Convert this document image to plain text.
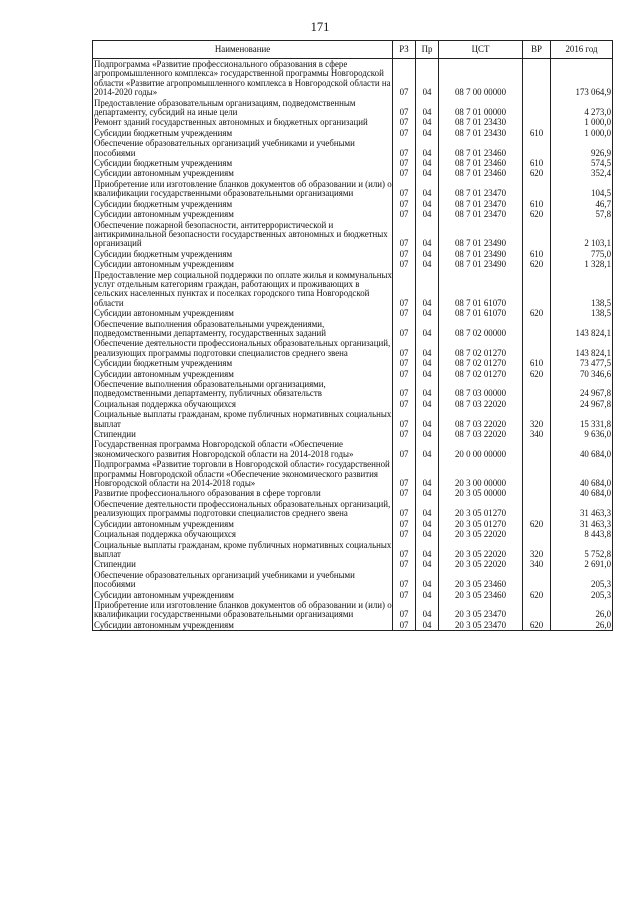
171
Наименование	РЗ	Пр	ЦСТ	ВР	2016 год
Подпрограмма «Развитие профессионального образования в сфере агропромышленного комплекса» государственной программы Новгородской области «Развитие агропромышленного комплекса в Новгородской области на 2014-2020 годы»	07	04	08 7 00 00000		173 064,9
Предоставление образовательным организациям, подведомственным департаменту, субсидий на иные цели	07	04	08 7 01 00000		4 273,0
Ремонт зданий государственных автономных и бюджетных организаций	07	04	08 7 01 23430		1 000,0
Субсидии бюджетным учреждениям	07	04	08 7 01 23430	610	1 000,0
Обеспечение образовательных организаций учебниками и учебными пособиями	07	04	08 7 01 23460		926,9
Субсидии бюджетным учреждениям	07	04	08 7 01 23460	610	574,5
Субсидии автономным учреждениям	07	04	08 7 01 23460	620	352,4
Приобретение или изготовление бланков документов об образовании и (или) о квалификации государственными образовательными организациями	07	04	08 7 01 23470		104,5
Субсидии бюджетным учреждениям	07	04	08 7 01 23470	610	46,7
Субсидии автономным учреждениям	07	04	08 7 01 23470	620	57,8
Обеспечение пожарной безопасности, антитеррористической и антикриминальной безопасности государственных автономных и бюджетных организаций	07	04	08 7 01 23490		2 103,1
Субсидии бюджетным учреждениям	07	04	08 7 01 23490	610	775,0
Субсидии автономным учреждениям	07	04	08 7 01 23490	620	1 328,1
Предоставление мер социальной поддержки по оплате жилья и коммунальных услуг отдельным категориям граждан, работающих и проживающих в сельских населенных пунктах и поселках городского типа Новгородской области	07	04	08 7 01 61070		138,5
Субсидии автономным учреждениям	07	04	08 7 01 61070	620	138,5
Обеспечение выполнения образовательными учреждениями, подведомственными департаменту, государственных заданий	07	04	08 7 02 00000		143 824,1
Обеспечение деятельности профессиональных образовательных организаций, реализующих программы подготовки специалистов среднего звена	07	04	08 7 02 01270		143 824,1
Субсидии бюджетным учреждениям	07	04	08 7 02 01270	610	73 477,5
Субсидии автономным учреждениям	07	04	08 7 02 01270	620	70 346,6
Обеспечение выполнения образовательными организациями, подведомственными департаменту, публичных обязательств	07	04	08 7 03 00000		24 967,8
Социальная поддержка обучающихся	07	04	08 7 03 22020		24 967,8
Социальные выплаты гражданам, кроме публичных нормативных социальных выплат	07	04	08 7 03 22020	320	15 331,8
Стипендии	07	04	08 7 03 22020	340	9 636,0
Государственная программа Новгородской области «Обеспечение экономического развития Новгородской области на 2014-2018 годы»	07	04	20 0 00 00000		40 684,0
Подпрограмма «Развитие торговли в Новгородской области» государственной программы Новгородской области «Обеспечение экономического развития Новгородской области на 2014-2018 годы»	07	04	20 3 00 00000		40 684,0
Развитие профессионального образования в сфере торговли	07	04	20 3 05 00000		40 684,0
Обеспечение деятельности профессиональных образовательных организаций, реализующих программы подготовки специалистов среднего звена	07	04	20 3 05 01270		31 463,3
Субсидии автономным учреждениям	07	04	20 3 05 01270	620	31 463,3
Социальная поддержка обучающихся	07	04	20 3 05 22020		8 443,8
Социальные выплаты гражданам, кроме публичных нормативных социальных выплат	07	04	20 3 05 22020	320	5 752,8
Стипендии	07	04	20 3 05 22020	340	2 691,0
Обеспечение образовательных организаций учебниками и учебными пособиями	07	04	20 3 05 23460		205,3
Субсидии автономным учреждениям	07	04	20 3 05 23460	620	205,3
Приобретение или изготовление бланков документов об образовании и (или) о квалификации государственными образовательными организациями	07	04	20 3 05 23470		26,0
Субсидии автономным учреждениям	07	04	20 3 05 23470	620	26,0
